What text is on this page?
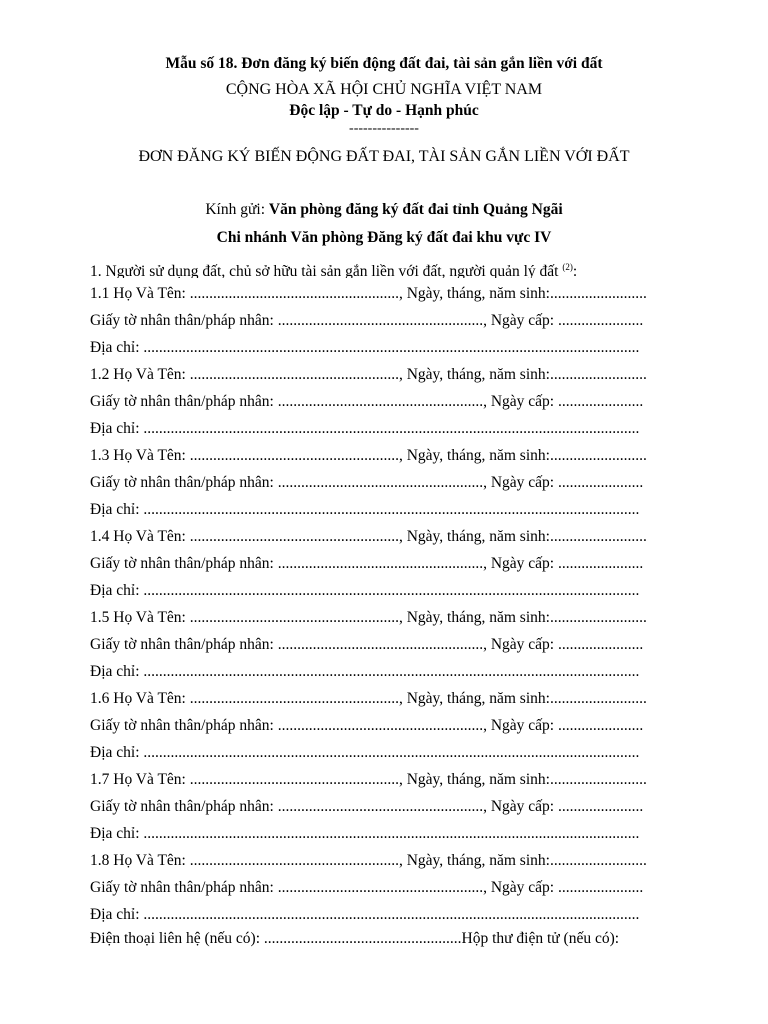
Mẫu số 18. Đơn đăng ký biến động đất đai, tài sản gắn liền với đất
CỘNG HÒA XÃ HỘI CHỦ NGHĨA VIỆT NAM
Độc lập - Tự do - Hạnh phúc
---------------
ĐƠN ĐĂNG KÝ BIẾN ĐỘNG ĐẤT ĐAI, TÀI SẢN GẮN LIỀN VỚI ĐẤT
Kính gửi: Văn phòng đăng ký đất đai tỉnh Quảng Ngãi
Chi nhánh Văn phòng Đăng ký đất đai khu vực IV
1. Người sử dụng đất, chủ sở hữu tài sản gắn liền với đất, người quản lý đất $^{(2)}$:
1.1 Họ Và Tên: ......................................................, Ngày, tháng, năm sinh:.........................
Giấy tờ nhân thân/pháp nhân: ....................................................., Ngày cấp: ......................
Địa chỉ: ................................................................................................................................
1.2 Họ Và Tên: ......................................................, Ngày, tháng, năm sinh:.........................
Giấy tờ nhân thân/pháp nhân: ....................................................., Ngày cấp: ......................
Địa chỉ: ................................................................................................................................
1.3 Họ Và Tên: ......................................................, Ngày, tháng, năm sinh:.........................
Giấy tờ nhân thân/pháp nhân: ....................................................., Ngày cấp: ......................
Địa chỉ: ................................................................................................................................
1.4 Họ Và Tên: ......................................................, Ngày, tháng, năm sinh:.........................
Giấy tờ nhân thân/pháp nhân: ....................................................., Ngày cấp: ......................
Địa chỉ: ................................................................................................................................
1.5 Họ Và Tên: ......................................................, Ngày, tháng, năm sinh:.........................
Giấy tờ nhân thân/pháp nhân: ....................................................., Ngày cấp: ......................
Địa chỉ: ................................................................................................................................
1.6 Họ Và Tên: ......................................................, Ngày, tháng, năm sinh:.........................
Giấy tờ nhân thân/pháp nhân: ....................................................., Ngày cấp: ......................
Địa chỉ: ................................................................................................................................
1.7 Họ Và Tên: ......................................................, Ngày, tháng, năm sinh:.........................
Giấy tờ nhân thân/pháp nhân: ....................................................., Ngày cấp: ......................
Địa chỉ: ................................................................................................................................
1.8 Họ Và Tên: ......................................................, Ngày, tháng, năm sinh:.........................
Giấy tờ nhân thân/pháp nhân: ....................................................., Ngày cấp: ......................
Địa chỉ: ................................................................................................................................
Điện thoại liên hệ (nếu có): ...................................................Hộp thư điện tử (nếu có):
